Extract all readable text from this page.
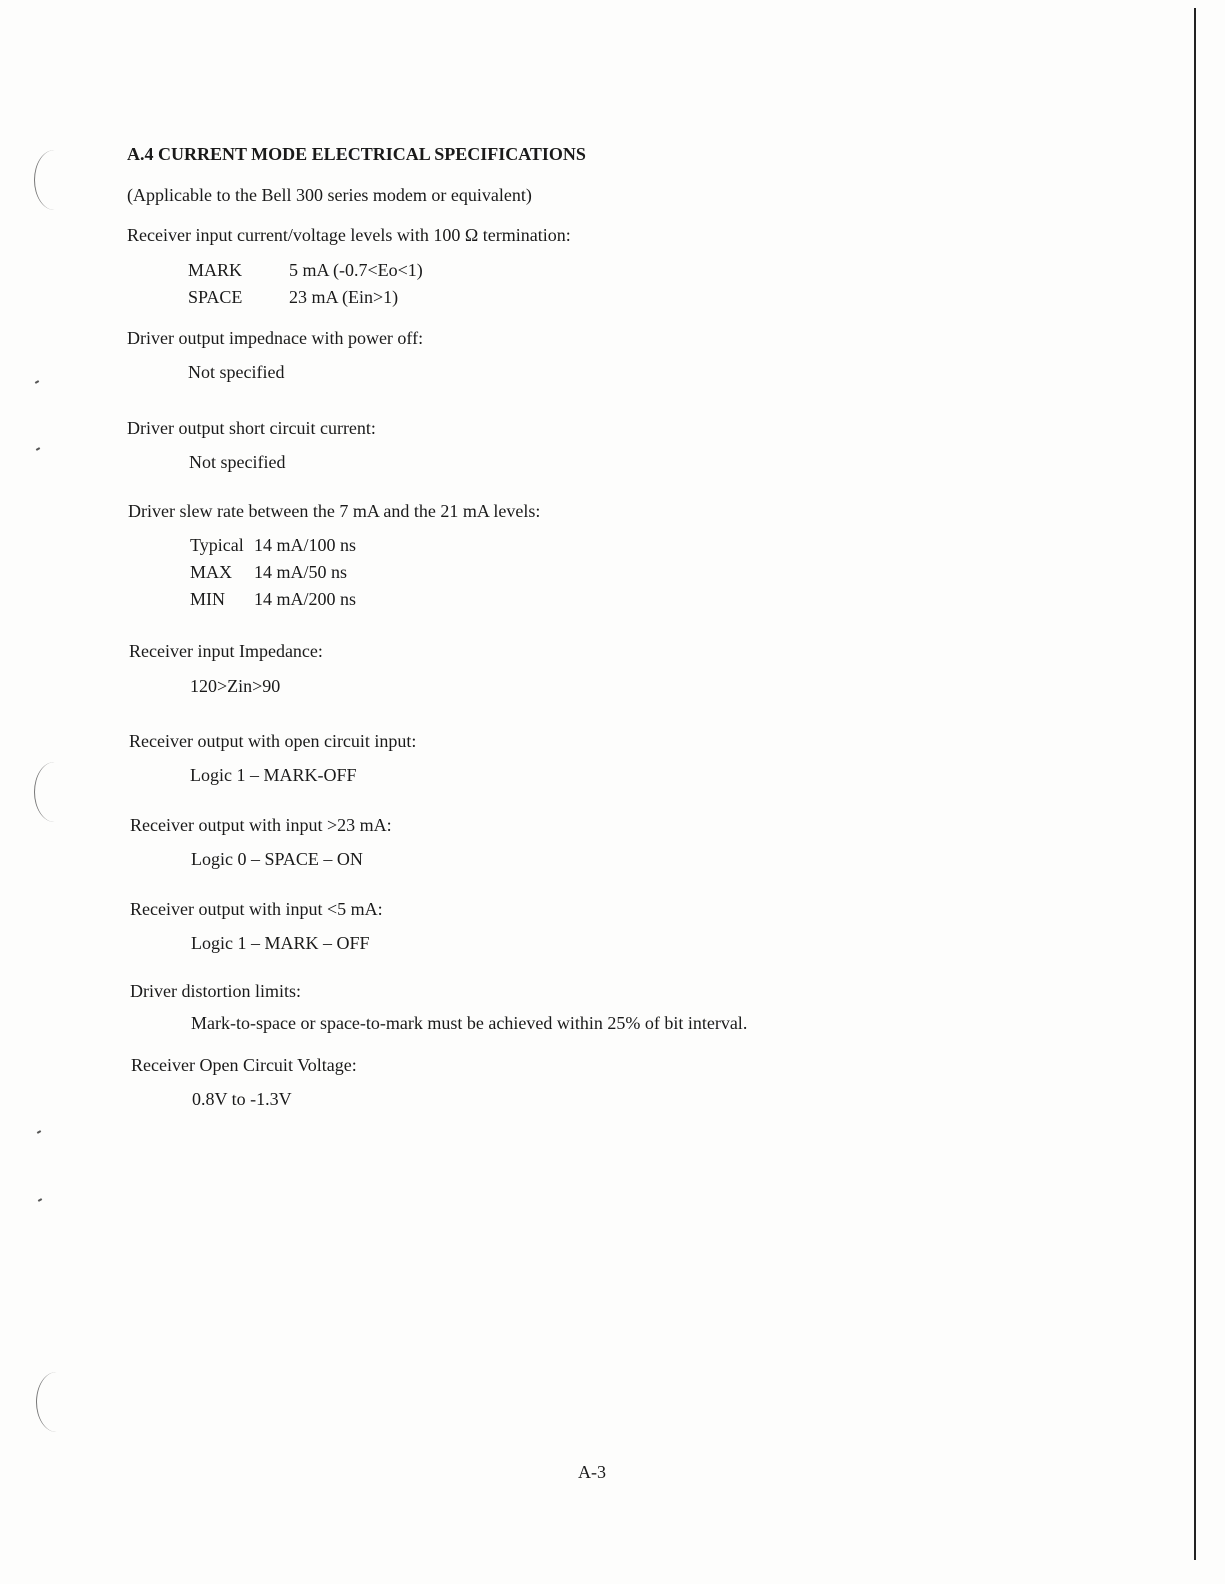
A.4 CURRENT MODE ELECTRICAL SPECIFICATIONS
(Applicable to the Bell 300 series modem or equivalent)
Receiver input current/voltage levels with 100 Ω termination:
MARK	5 mA (-0.7<Eo<1)
SPACE	23 mA (Ein>1)
Driver output impednace with power off:
Not specified
Driver output short circuit current:
Not specified
Driver slew rate between the 7 mA and the 21 mA levels:
Typical 14 mA/100 ns
MAX 14 mA/50 ns
MIN 14 mA/200 ns
Receiver input Impedance:
120>Zin>90
Receiver output with open circuit input:
Logic 1 – MARK-OFF
Receiver output with input >23 mA:
Logic 0 – SPACE – ON
Receiver output with input <5 mA:
Logic 1 – MARK – OFF
Driver distortion limits:
Mark-to-space or space-to-mark must be achieved within 25% of bit interval.
Receiver Open Circuit Voltage:
0.8V to -1.3V
A-3
